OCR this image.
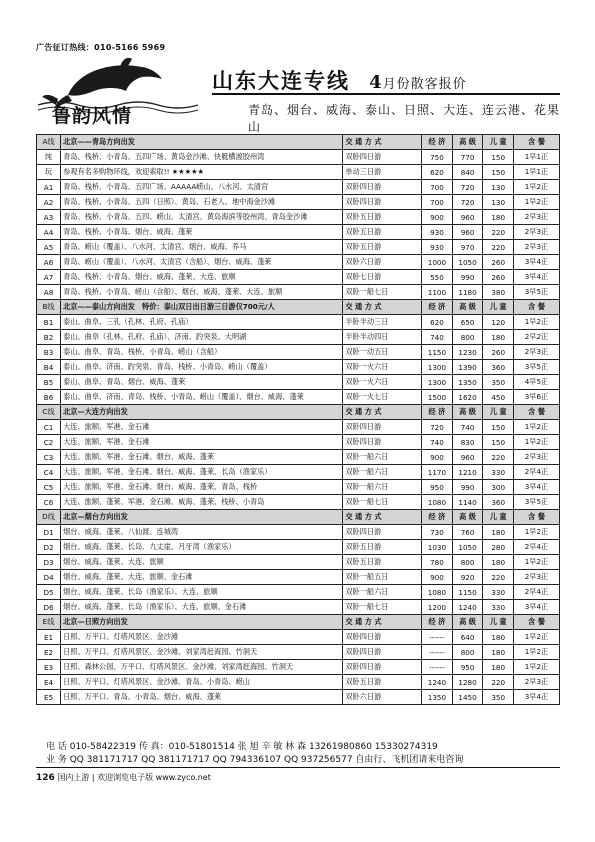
广告征订热线：010-5166 5969
鲁韵风情
山东大连专线 4月份散客报价
青岛、烟台、威海、泰山、日照、大连、连云港、花果山
A线	北京——青岛方向出发	交 通 方 式	经 济	高 级	儿 童	含 餐
纯	青岛、栈桥、小青岛、五四广场、黄岛金沙滩、快艇横渡胶州湾	双卧四日游	750	770	150	1早1正
玩	参观有名多购物环线，欢迎索取!! ★★★★★	单动三日游	620	840	150	1早1正
A1	青岛、栈桥、小青岛、五四广场、AAAAA崂山、八水河、太清宫	双卧四日游	700	720	130	1早2正
A2	青岛、栈桥、小青岛、五四（日照）、黄岛、石老人、地中海金沙滩	双卧四日游	700	720	130	1早2正
A3	青岛、栈桥、小青岛、五四、崂山、太清宫、黄岛海滨等胶州湾、青岛金沙滩	双卧五日游	900	960	180	2早3正
A4	青岛、栈桥、小青岛、烟台、威海、蓬莱	双卧五日游	930	960	220	2早3正
A5	青岛、崂山（覆盖）、八水河、太清宫、烟台、威海、养马	双卧五日游	930	970	220	2早3正
A6	青岛、崂山（覆盖）、八水河、太清宫（含船）、烟台、威海、蓬莱	双卧六日游	1000	1050	260	3早4正
A7	青岛、栈桥、小青岛、烟台、威海、蓬莱、大连、旅顺	双卧七日游	550	990	260	3早4正
A8	青岛、栈桥、小青岛、崂山（含船）、烟台、威海、蓬莱、大连、旅顺	双卧一船七日	1100	1180	380	3早5正
B线	北京——泰山方向出发　特价：泰山双日出日游三日游仅700元/人	交 通 方 式	经 济	高 级	儿 童	含 餐
B1	泰山、曲阜、三孔（孔林、孔府、孔庙）	半卧半动三日	620	650	120	1早2正
B2	泰山、曲阜（孔林、孔府、孔庙）、济南、趵突泉、大明湖	半卧半动四日	740	800	180	2早2正
B3	泰山、曲阜、青岛、栈桥、小青岛、崂山（含船）	双卧一动五日	1150	1230	260	2早3正
B4	泰山、曲阜、济南、趵突泉、青岛、栈桥、小青岛、崂山（覆盖）	双卧一火六日	1300	1390	360	3早5正
B5	泰山、曲阜、青岛、烟台、威海、蓬莱	双卧一火六日	1300	1350	350	4早5正
B6	泰山、曲阜、济南、青岛、栈桥、小青岛、崂山（覆盖）、烟台、威海、蓬莱	双卧一火七日	1500	1620	450	3早6正
C线	北京—大连方向出发	交 通 方 式	经 济	高 级	儿 童	含 餐
C1	大连、旅顺、军港、金石滩	双卧四日游	720	740	150	1早2正
C2	大连、旅顺、军港、金石滩	双卧四日游	740	830	150	1早2正
C3	大连、旅顺、军港、金石滩、烟台、威海、蓬莱	双卧一船六日	900	960	220	2早3正
C4	大连、旅顺、军港、金石滩、烟台、威海、蓬莱、长岛（渔家乐）	双卧一船六日	1170	1210	330	2早4正
C5	大连、旅顺、军港、金石滩、烟台、威海、蓬莱、青岛、栈桥	双卧一船六日	950	990	300	3早4正
C6	大连、旅顺、蓬莱、军港、金石滩、威海、蓬莱、栈桥、小青岛	双卧一船七日	1080	1140	360	3早5正
D线	北京—烟台方向出发	交 通 方 式	经 济	高 级	儿 童	含 餐
D1	烟台、威海、蓬莱、八仙渡、连城湾	双卧四日游	730	760	180	1早2正
D2	烟台、威海、蓬莱、长岛、九丈崖、月牙湾（渔家乐）	双卧五日游	1030	1050	280	2早4正
D3	烟台、威海、蓬莱、大连、旅顺	双卧五日游	780	800	180	1早2正
D4	烟台、威海、蓬莱、大连、旅顺、金石滩	双卧一船五日	900	920	220	2早3正
D5	烟台、威海、蓬莱、长岛（渔家乐）、大连、旅顺	双卧一船六日	1080	1150	330	2早4正
D6	烟台、威海、蓬莱、长岛（渔家乐）、大连、旅顺、金石滩	双卧一船七日	1200	1240	330	3早4正
E线	北京—日照方向出发	交 通 方 式	经 济	高 级	儿 童	含 餐
E1	日照、万平口、灯塔风景区、金沙滩	双卧四日游	------	640	180	1早2正
E2	日照、万平口、灯塔风景区、金沙滩、刘家湾赶海园、竹洞天	双卧四日游	------	800	180	1早2正
E3	日照、森林公园、万平口、灯塔风景区、金沙滩、刘家湾赶海园、竹洞天	双卧四日游	------	950	180	1早2正
E4	日照、万平口、灯塔风景区、金沙滩、青岛、小青岛、崂山	双卧五日游	1240	1280	220	2早3正
E5	日照、万平口、青岛、小青岛、烟台、威海、蓬莱	双卧六日游	1350	1450	350	3早4正
电 话 010-58422319 传 真：010-51801514 张 旭 辛 敏 林 森 13261980860 15330274319
业 务 QQ 381171717 QQ 381171717 QQ 794336107 QQ 937256577 自由行、飞机团请来电咨询
126 国内上游 | 欢迎浏览电子版 www.zyco.net
